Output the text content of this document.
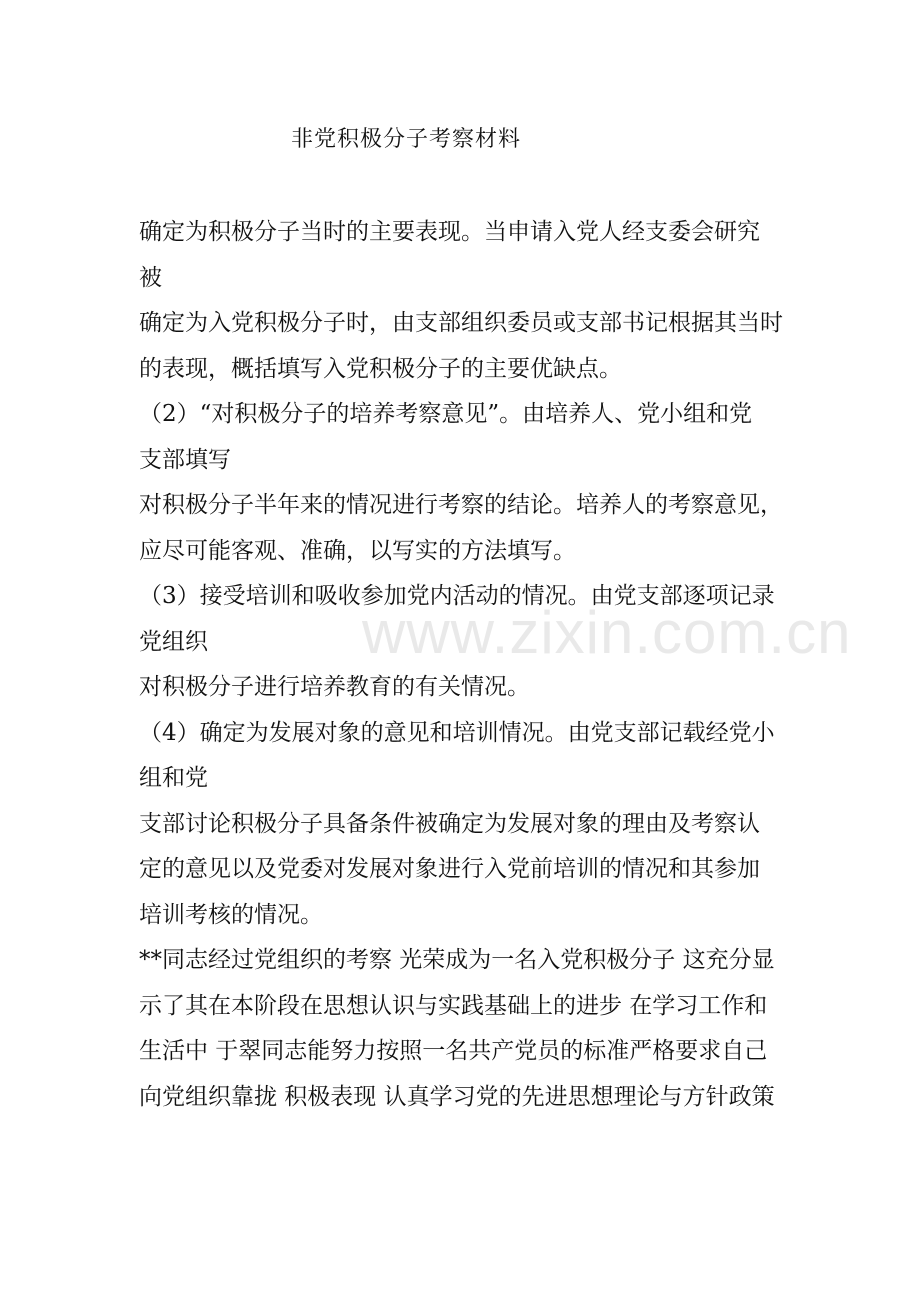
www.zixin.com.cn
非党积极分子考察材料
确定为积极分子当时的主要表现。当申请入党人经支委会研究
被
确定为入党积极分子时，由支部组织委员或支部书记根据其当时
的表现，概括填写入党积极分子的主要优缺点。
（2）“对积极分子的培养考察意见”。由培养人、党小组和党
支部填写
对积极分子半年来的情况进行考察的结论。培养人的考察意见，
应尽可能客观、准确，以写实的方法填写。
（3）接受培训和吸收参加党内活动的情况。由党支部逐项记录
党组织
对积极分子进行培养教育的有关情况。
（4）确定为发展对象的意见和培训情况。由党支部记载经党小
组和党
支部讨论积极分子具备条件被确定为发展对象的理由及考察认
定的意见以及党委对发展对象进行入党前培训的情况和其参加
培训考核的情况。
**同志经过党组织的考察 光荣成为一名入党积极分子 这充分显
示了其在本阶段在思想认识与实践基础上的进步 在学习工作和
生活中 于翠同志能努力按照一名共产党员的标准严格要求自己
向党组织靠拢 积极表现 认真学习党的先进思想理论与方针政策
